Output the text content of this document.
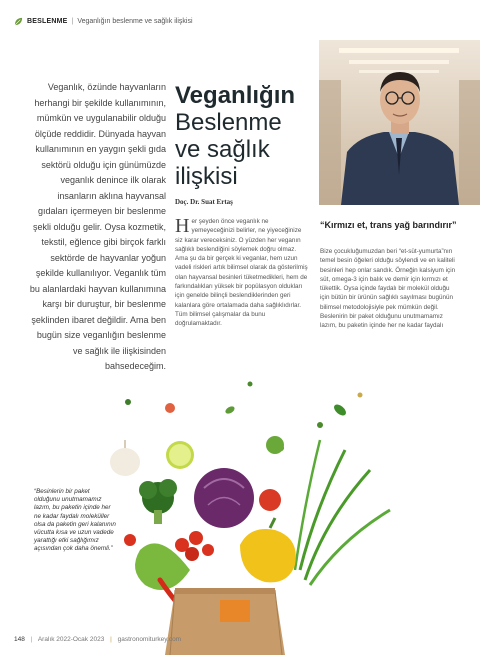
BESLENME | Veganlığın beslenme ve sağlık ilişkisi
Veganlık, özünde hayvanların herhangi bir şekilde kullanımının, mümkün ve uygulanabilir olduğu ölçüde reddidir. Dünyada hayvan kullanımının en yaygın şekli gıda sektörü olduğu için günümüzde veganlık denince ilk olarak insanların aklına hayvansal gıdaları içermeyen bir beslenme şekli olduğu gelir. Oysa kozmetik, tekstil, eğlence gibi birçok farklı sektörde de hayvanlar yoğun şekilde kullanılıyor. Veganlık tüm bu alanlardaki hayvan kullanımına karşı bir duruştur, bir beslenme şeklinden ibaret değildir. Ama ben bugün size veganlığın beslenme ve sağlık ile ilişkisinden bahsedeceğim.
Veganlığın
Beslenme
ve sağlık
ilişkisi
Doç. Dr. Suat Ertaş
H er şeyden önce veganlık ne yemeyeceğinizi belirler, ne yiyeceğinize siz karar vereceksiniz. O yüzden her veganın sağlıklı beslendiğini söylemek doğru olmaz. Ama şu da bir gerçek ki veganlar, hem uzun vadeli riskleri artık bilimsel olarak da gösterilmiş olan hayvansal besinleri tüketmedikleri, hem de farkındalıkları yüksek bir popülasyon oldukları için genelde bilinçli beslendiklerinden geri kalanlara göre ortalamada daha sağlıklıdırlar. Tüm bilimsel çalışmalar da bunu doğrulamaktadır.
“Kırmızı et, trans yağ barındırır”
Bize çocukluğumuzdan beri “et-süt-yumurta”nın temel besin öğeleri olduğu söylendi ve en kaliteli besinleri hep onlar sandık. Örneğin kalsiyum için süt, omega-3 için balık ve demir için kırmızı et tükettik. Oysa içinde faydalı bir molekül olduğu için bütün bir ürünün sağlıklı sayılması bugünün bilimsel metodolojisiyle pek mümkün değil. Beslenirin bir paket olduğunu unutmamamız lazım, bu paketin içinde her ne kadar faydalı
“Besinlerin bir paket olduğunu unutmamamız lazım, bu paketin içinde her ne kadar faydalı moleküller olsa da paketin geri kalanının vücutta kısa ve uzun vadede yarattığı etki sağlığımız açısından çok daha önemli.”
148 | Aralık 2022-Ocak 2023 | gastronomiturkey.com
